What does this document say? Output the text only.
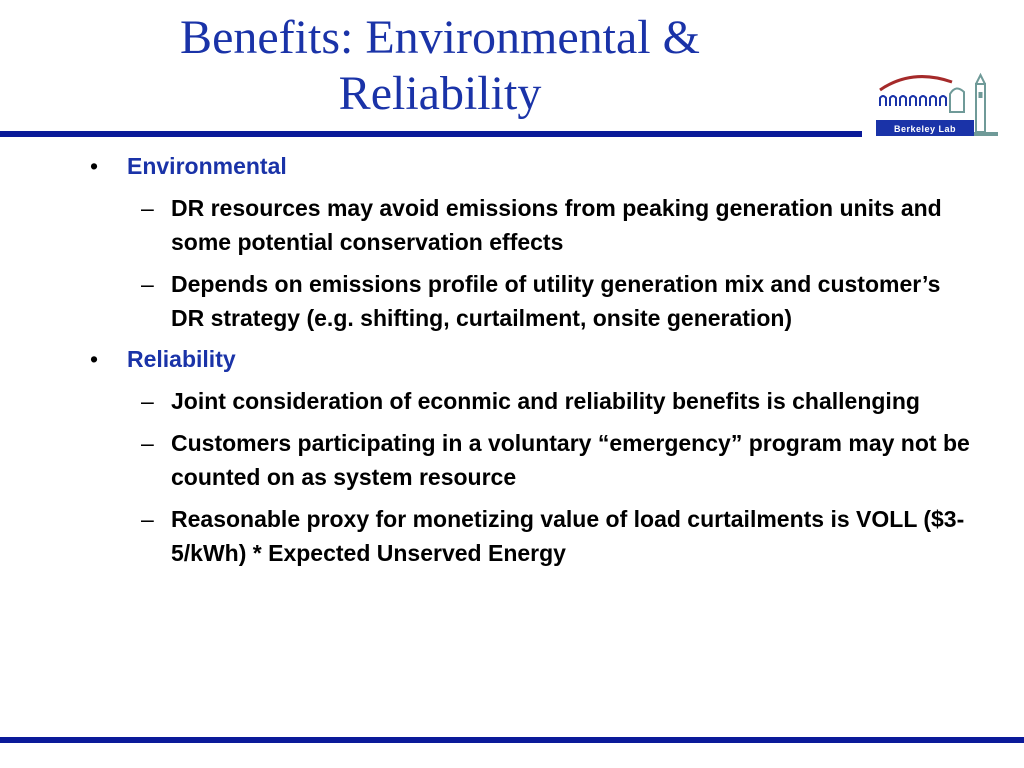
Benefits: Environmental &
Reliability
Berkeley Lab
• Environmental
– DR resources may avoid emissions from peaking generation units and some potential conservation effects
– Depends on emissions profile of utility generation mix and customer’s DR strategy (e.g. shifting, curtailment, onsite generation)
• Reliability
– Joint consideration of econmic and reliability benefits is challenging
– Customers participating in a voluntary “emergency” program may not be counted on as system resource
– Reasonable proxy for monetizing value of load curtailments is VOLL ($3-5/kWh) * Expected Unserved Energy
